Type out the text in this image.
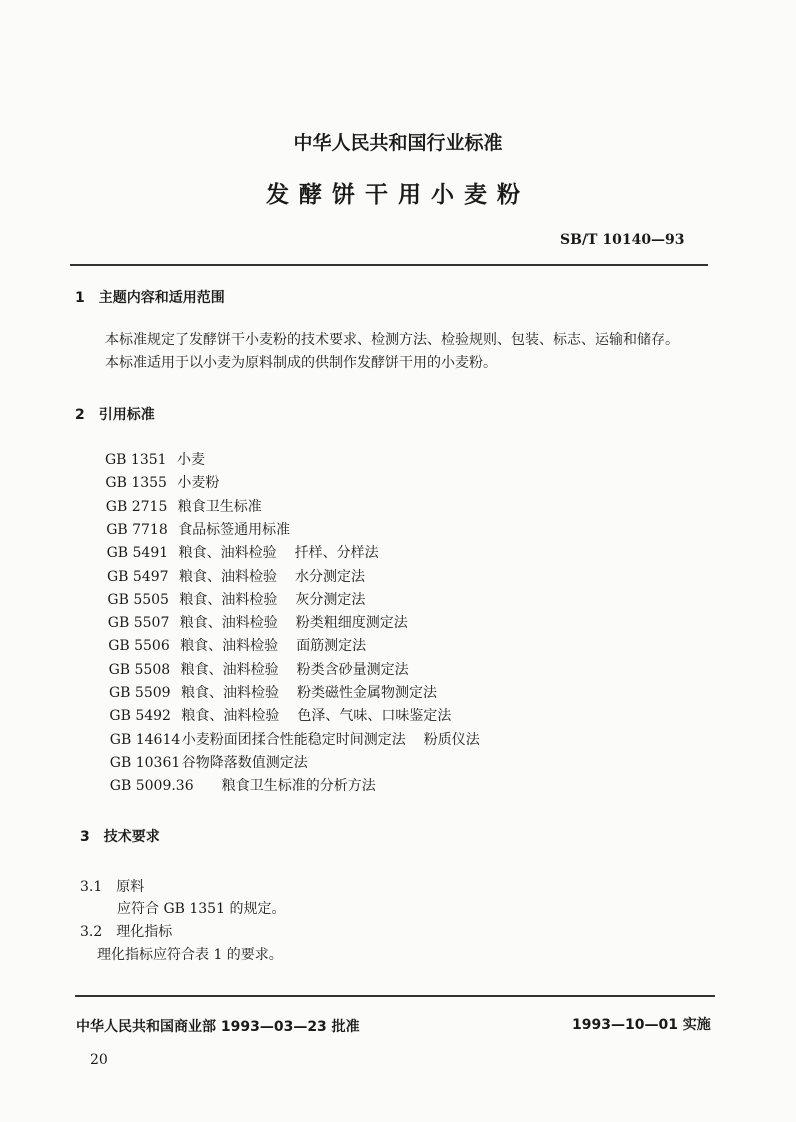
中华人民共和国行业标准
发酵饼干用小麦粉
SB/T 10140—93
1　主题内容和适用范围
本标准规定了发酵饼干小麦粉的技术要求、检测方法、检验规则、包装、标志、运输和储存。
本标准适用于以小麦为原料制成的供制作发酵饼干用的小麦粉。
2　引用标准
GB 1351 小麦
GB 1355 小麦粉
GB 2715 粮食卫生标准
GB 7718 食品标签通用标准
GB 5491 粮食、油料检验 扦样、分样法
GB 5497 粮食、油料检验 水分测定法
GB 5505 粮食、油料检验 灰分测定法
GB 5507 粮食、油料检验 粉类粗细度测定法
GB 5506 粮食、油料检验 面筋测定法
GB 5508 粮食、油料检验 粉类含砂量测定法
GB 5509 粮食、油料检验 粉类磁性金属物测定法
GB 5492 粮食、油料检验 色泽、气味、口味鉴定法
GB 14614 小麦粉面团揉合性能稳定时间测定法 粉质仪法
GB 10361 谷物降落数值测定法
GB 5009.36 粮食卫生标准的分析方法
3　技术要求
3.1　原料
应符合 GB 1351 的规定。
3.2　理化指标
理化指标应符合表 1 的要求。
中华人民共和国商业部 1993—03—23 批准	1993—10—01 实施
20
